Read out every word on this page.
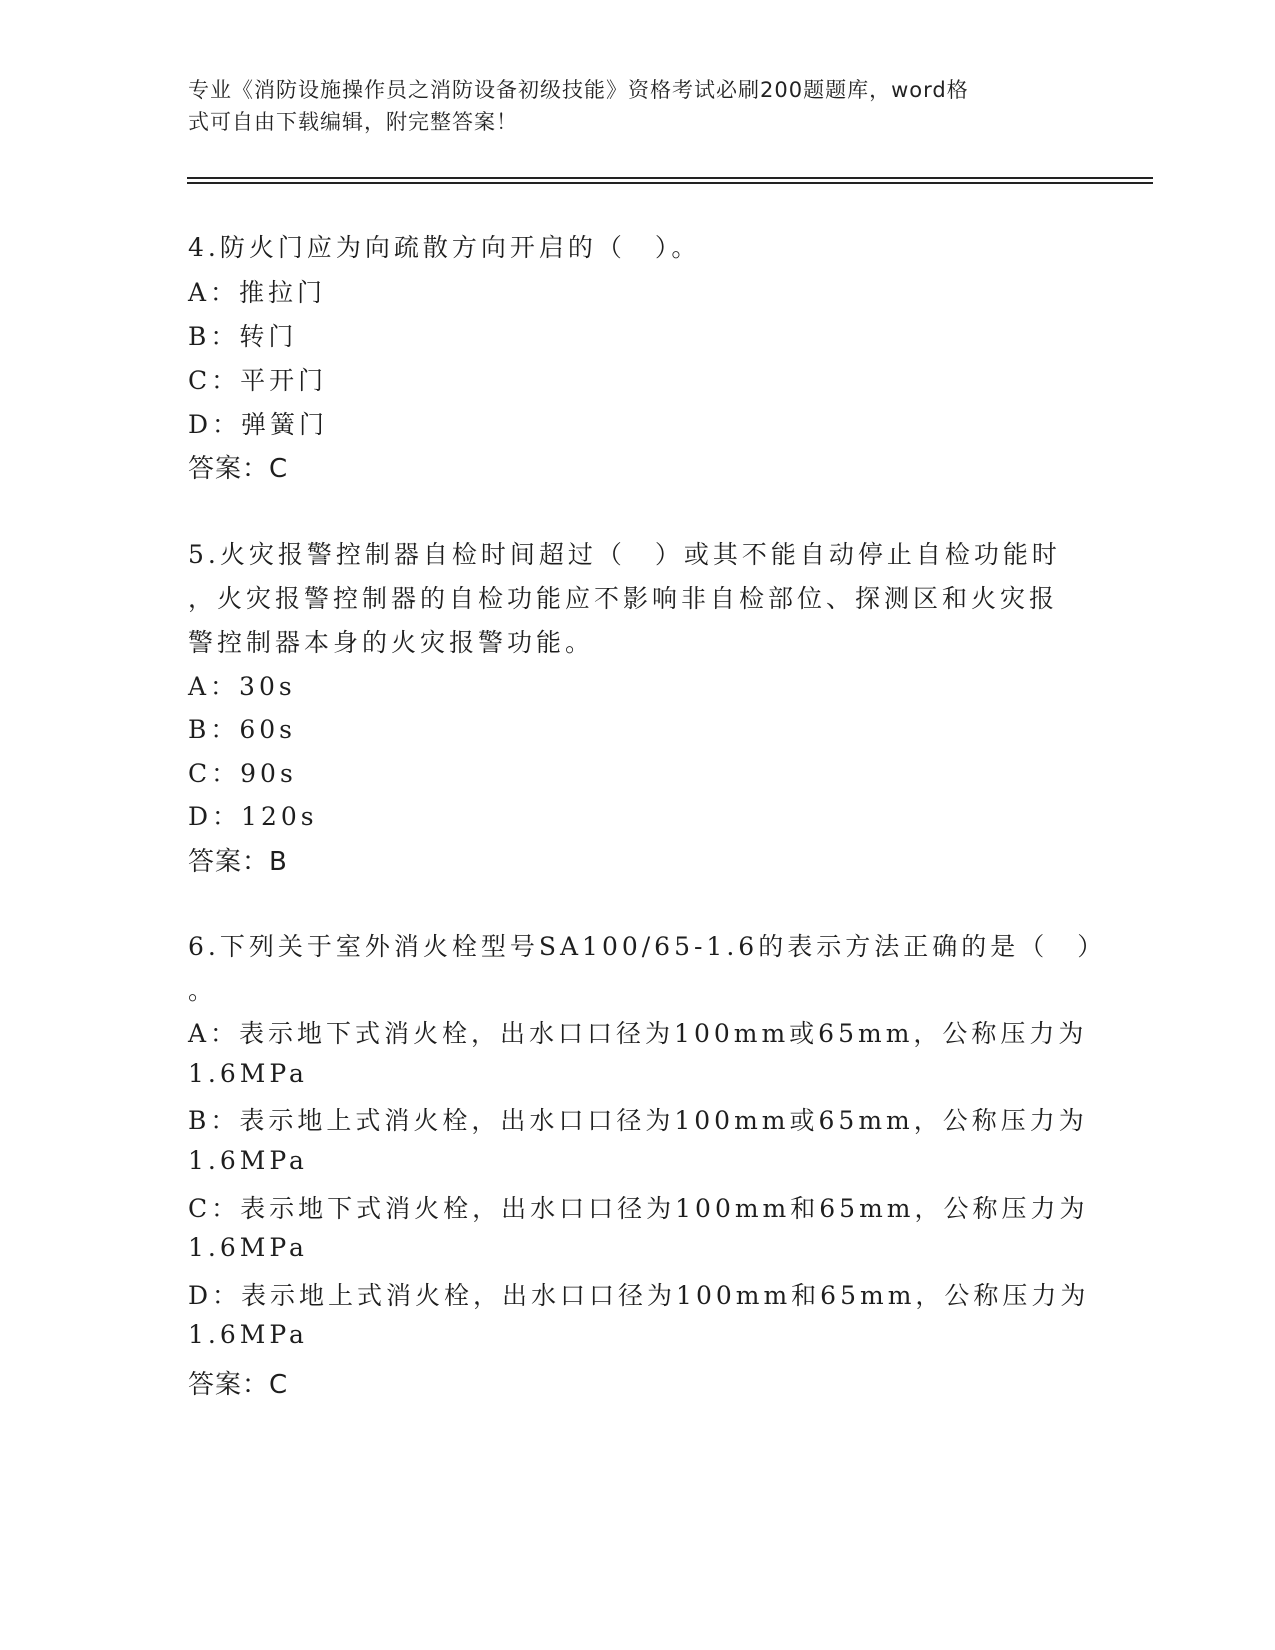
专业《消防设施操作员之消防设备初级技能》资格考试必刷200题题库，word格
式可自由下载编辑，附完整答案！
4.防火门应为向疏散方向开启的（　）。
A：推拉门
B：转门
C：平开门
D：弹簧门
答案：C
5.火灾报警控制器自检时间超过（　）或其不能自动停止自检功能时
，火灾报警控制器的自检功能应不影响非自检部位、探测区和火灾报
警控制器本身的火灾报警功能。
A：30s
B：60s
C：90s
D：120s
答案：B
6.下列关于室外消火栓型号SA100/65-1.6的表示方法正确的是（　）
。
A：表示地下式消火栓，出水口口径为100mm或65mm，公称压力为
1.6MPa
B：表示地上式消火栓，出水口口径为100mm或65mm，公称压力为
1.6MPa
C：表示地下式消火栓，出水口口径为100mm和65mm，公称压力为
1.6MPa
D：表示地上式消火栓，出水口口径为100mm和65mm，公称压力为
1.6MPa
答案：C
